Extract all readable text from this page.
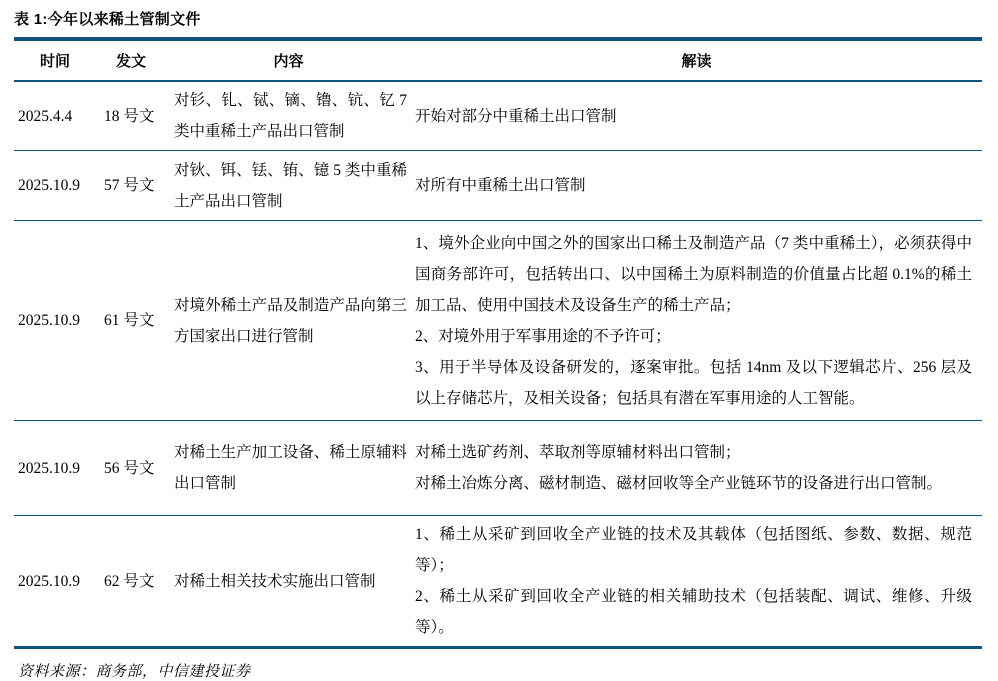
表 1:今年以来稀土管制文件
时间	发文	内容	解读
2025.4.4	18 号文	对钐、钆、铽、镝、镥、钪、钇 7 类中重稀土产品出口管制	开始对部分中重稀土出口管制

2025.10.9	57 号文	对钬、铒、铥、铕、镱 5 类中重稀土产品出口管制	对所有中重稀土出口管制

2025.10.9	61 号文	对境外稀土产品及制造产品向第三方国家出口进行管制	1、境外企业向中国之外的国家出口稀土及制造产品（7 类中重稀土），必须获得中国商务部许可，包括转出口、以中国稀土为原料制造的价值量占比超 0.1%的稀土加工品、使用中国技术及设备生产的稀土产品；

2、对境外用于军事用途的不予许可；

3、用于半导体及设备研发的，逐案审批。包括 14nm 及以下逻辑芯片、256 层及以上存储芯片，及相关设备；包括具有潜在军事用途的人工智能。

2025.10.9	56 号文	对稀土生产加工设备、稀土原辅料出口管制	对稀土选矿药剂、萃取剂等原辅材料出口管制；

对稀土冶炼分离、磁材制造、磁材回收等全产业链环节的设备进行出口管制。

2025.10.9	62 号文	对稀土相关技术实施出口管制	1、稀土从采矿到回收全产业链的技术及其载体（包括图纸、参数、数据、规范等）；

2、稀土从采矿到回收全产业链的相关辅助技术（包括装配、调试、维修、升级等）。

资料来源：商务部，中信建投证券
